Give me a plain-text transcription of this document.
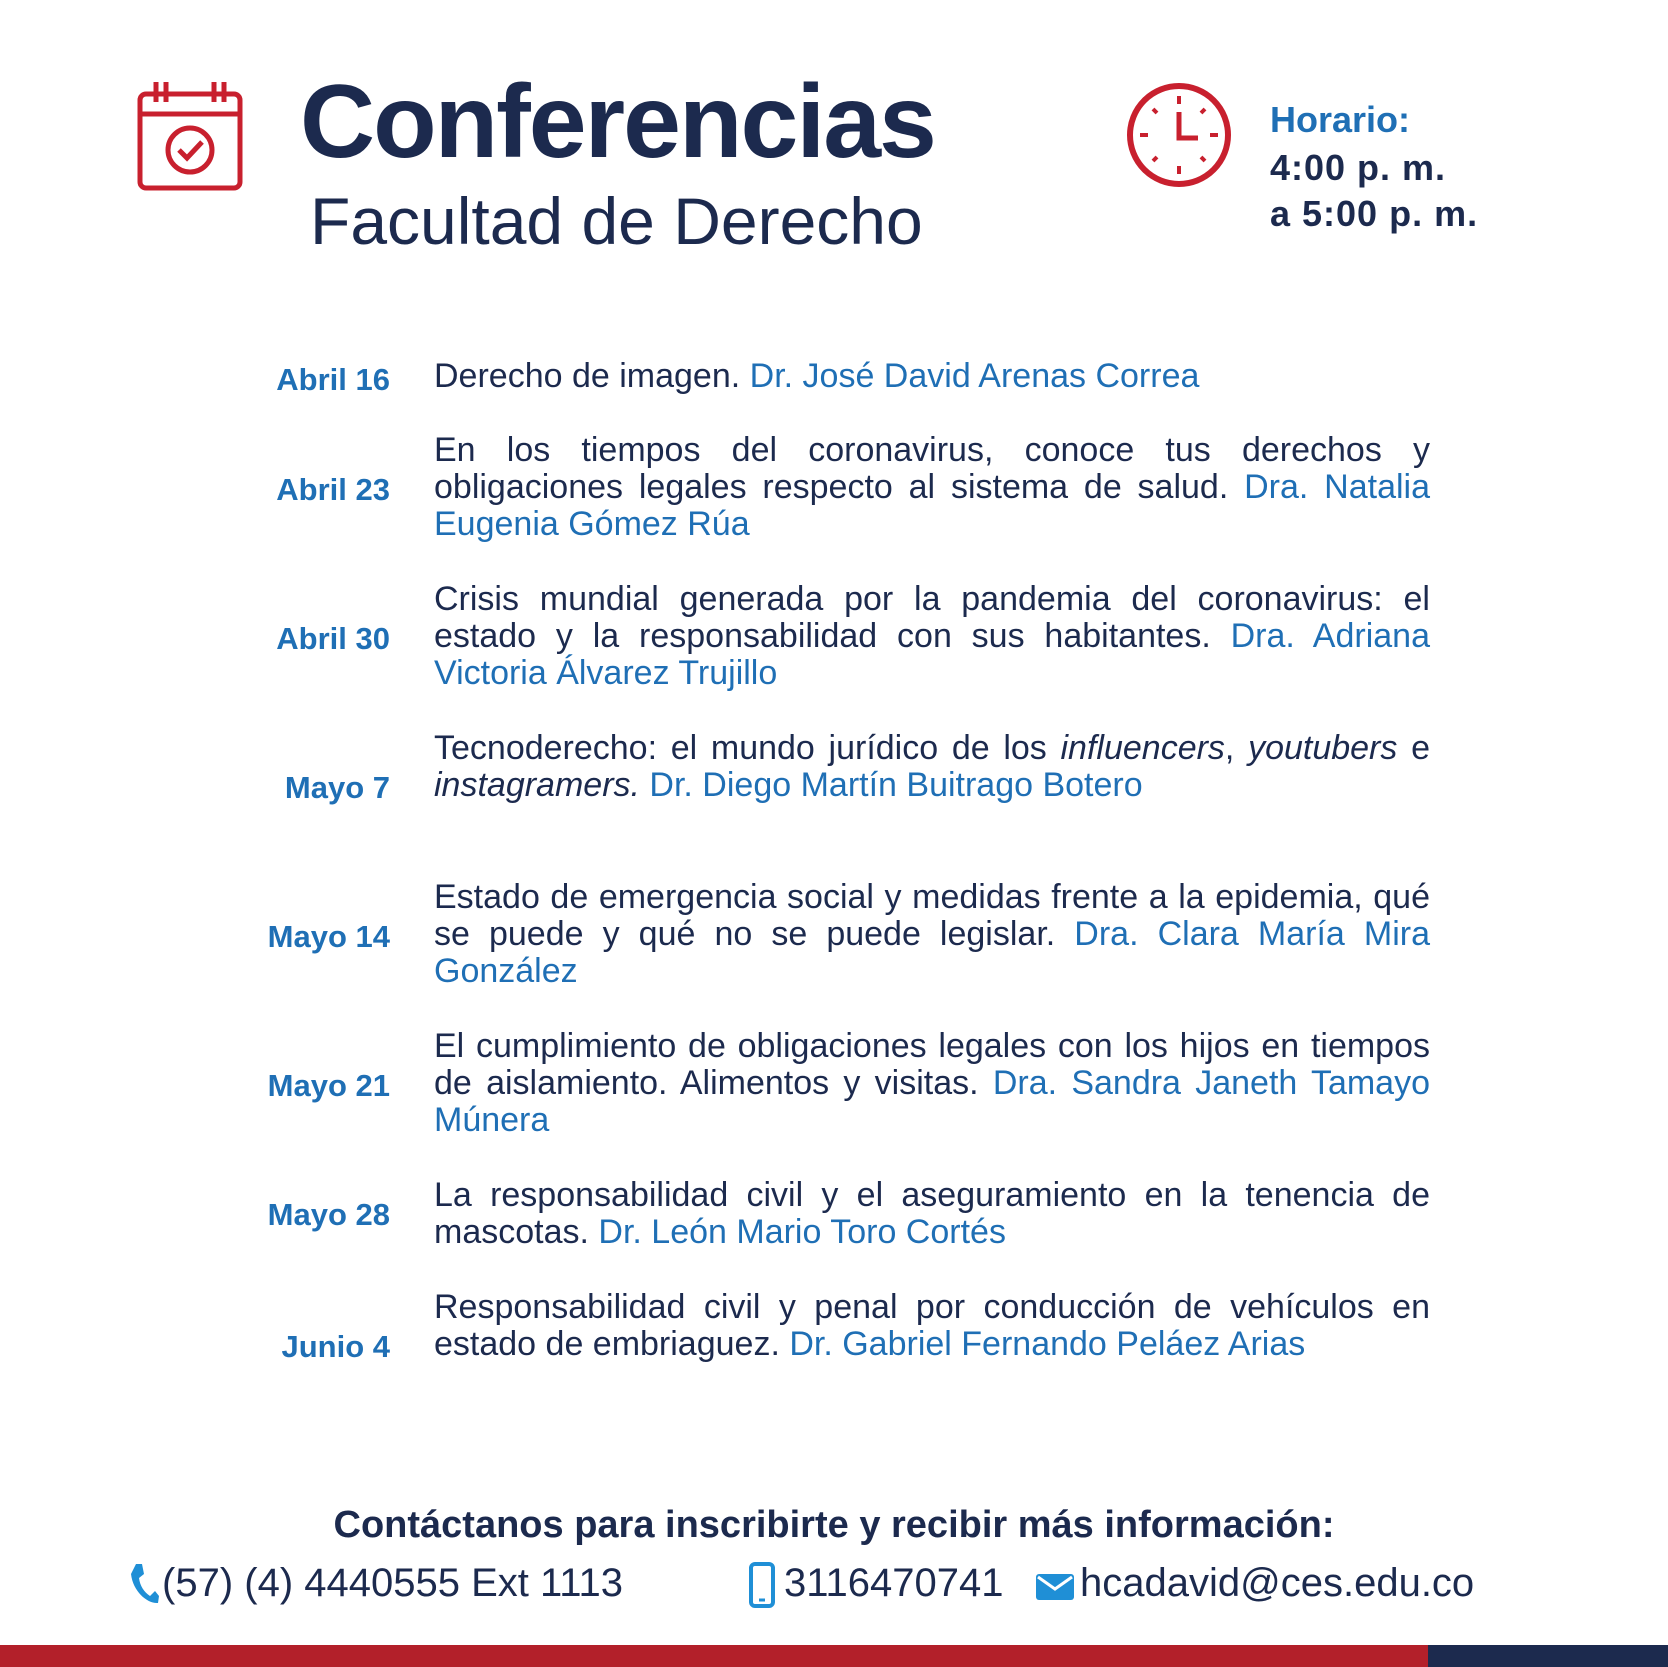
Conferencias
Facultad de Derecho
Horario:
4:00 p. m.
a 5:00 p. m.
Abril 16 Derecho de imagen. Dr. José David Arenas Correa
Abril 23
En los tiempos del coronavirus, conoce tus derechos y obligaciones legales respecto al sistema de salud. Dra. Natalia Eugenia Gómez Rúa
Abril 30
Crisis mundial generada por la pandemia del coronavirus: el estado y la responsabilidad con sus habitantes. Dra. Adriana Victoria Álvarez Trujillo
Mayo 7
Tecnoderecho: el mundo jurídico de los influencers, youtubers e instagramers. Dr. Diego Martín Buitrago Botero
Mayo 14
Estado de emergencia social y medidas frente a la epidemia, qué se puede y qué no se puede legislar. Dra. Clara María Mira González
Mayo 21
El cumplimiento de obligaciones legales con los hijos en tiempos de aislamiento. Alimentos y visitas. Dra. Sandra Janeth Tamayo Múnera
Mayo 28
La responsabilidad civil y el aseguramiento en la tenencia de mascotas. Dr. León Mario Toro Cortés
Junio 4
Responsabilidad civil y penal por conducción de vehículos en estado de embriaguez. Dr. Gabriel Fernando Peláez Arias
Contáctanos para inscribirte y recibir más información:
(57) (4) 4440555 Ext 1113	3116470741 hcadavid@ces.edu.co
